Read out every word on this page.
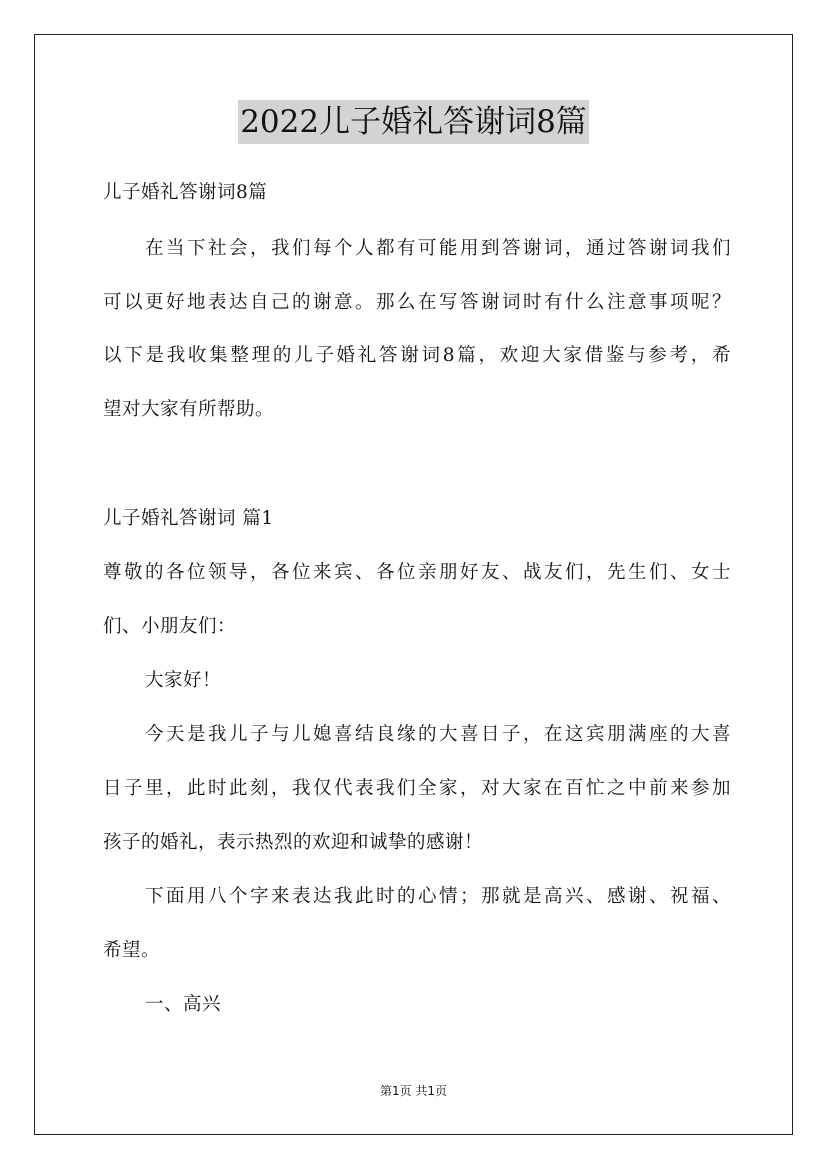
2022儿子婚礼答谢词8篇
儿子婚礼答谢词8篇
在当下社会，我们每个人都有可能用到答谢词，通过答谢词我们
可以更好地表达自己的谢意。那么在写答谢词时有什么注意事项呢？
以下是我收集整理的儿子婚礼答谢词8篇，欢迎大家借鉴与参考，希
望对大家有所帮助。
儿子婚礼答谢词 篇1
尊敬的各位领导，各位来宾、各位亲朋好友、战友们，先生们、女士
们、小朋友们：
大家好！
今天是我儿子与儿媳喜结良缘的大喜日子，在这宾朋满座的大喜
日子里，此时此刻，我仅代表我们全家，对大家在百忙之中前来参加
孩子的婚礼，表示热烈的欢迎和诚挚的感谢！
下面用八个字来表达我此时的心情；那就是高兴、感谢、祝福、
希望。
一、高兴
第1页 共1页
